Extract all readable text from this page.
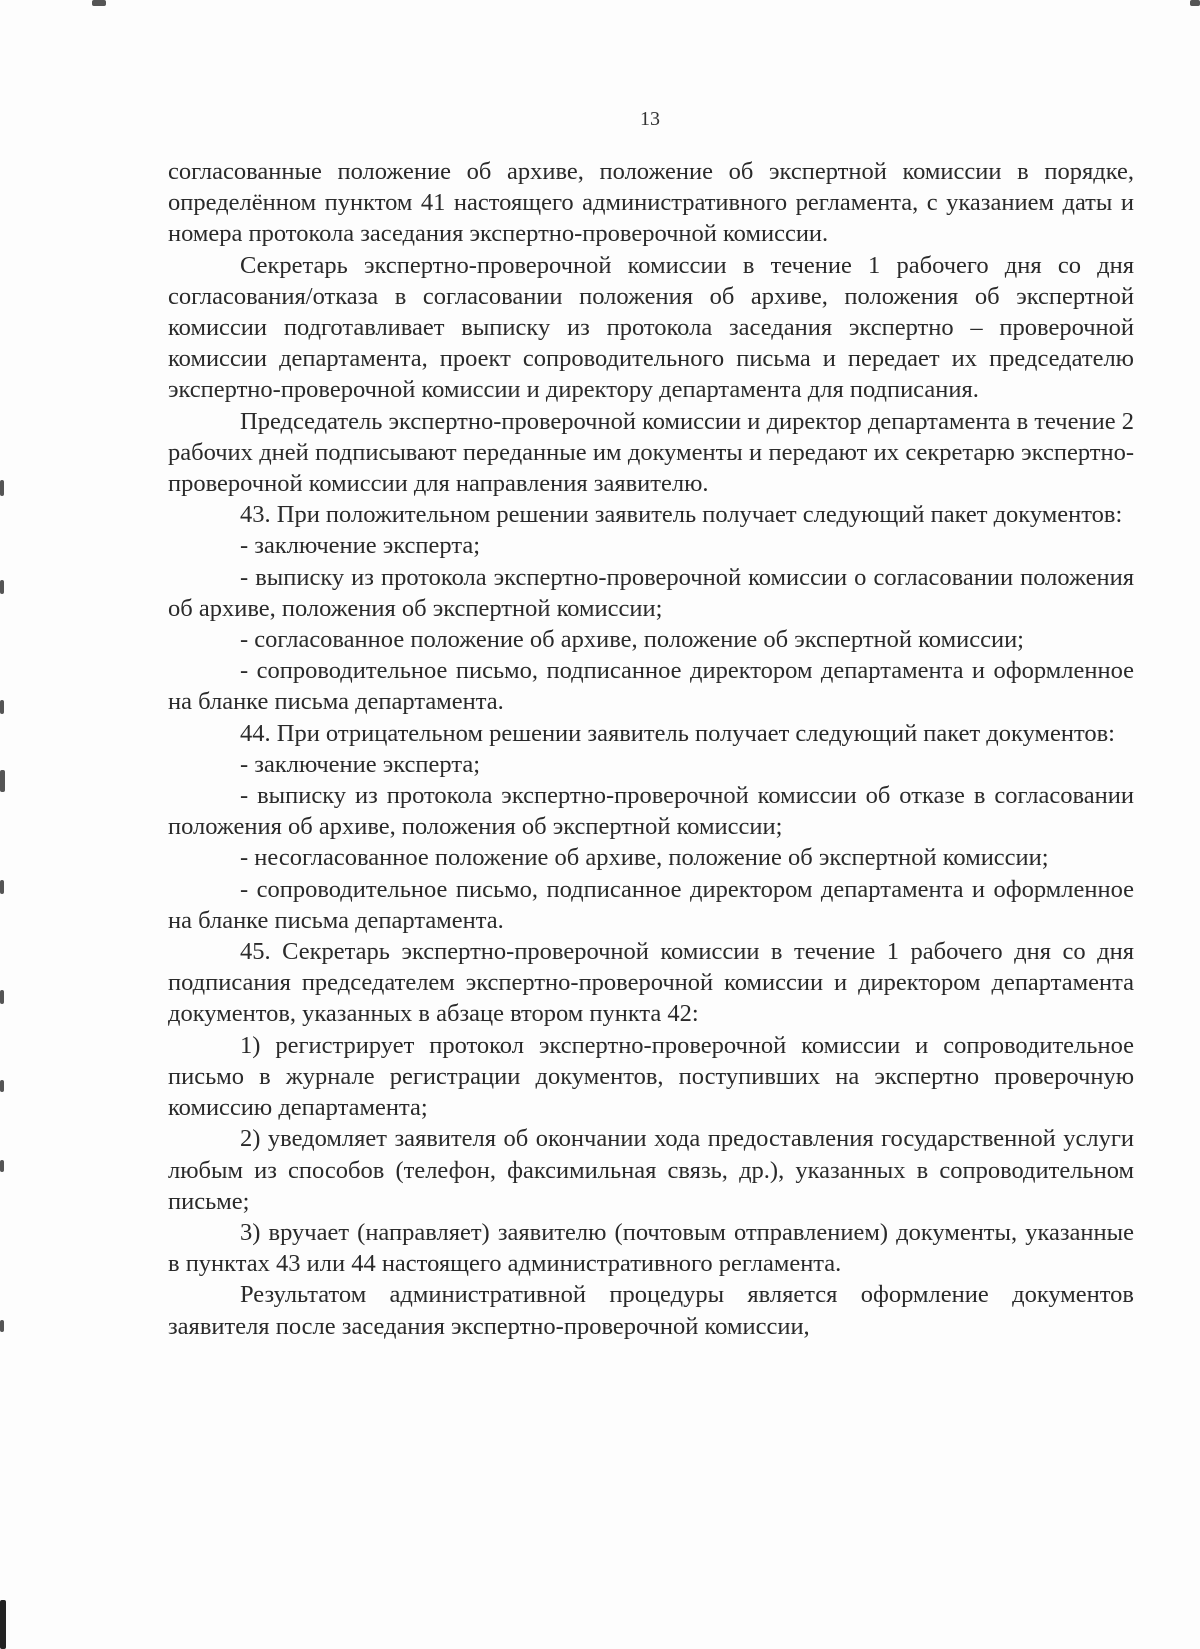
13

согласованные положение об архиве, положение об экспертной комиссии в порядке, определённом пунктом 41 настоящего административного регламента, с указанием даты и номера протокола заседания экспертно-проверочной комиссии.

Секретарь экспертно-проверочной комиссии в течение 1 рабочего дня со дня согласования/отказа в согласовании положения об архиве, положения об экспертной комиссии подготавливает выписку из протокола заседания экспертно – проверочной комиссии департамента, проект сопроводительного письма и передает их председателю экспертно-проверочной комиссии и директору департамента для подписания.

Председатель экспертно-проверочной комиссии и директор департамента в течение 2 рабочих дней подписывают переданные им документы и передают их секретарю экспертно-проверочной комиссии для направления заявителю.

43. При положительном решении заявитель получает следующий пакет документов:

- заключение эксперта;

- выписку из протокола экспертно-проверочной комиссии о согласовании положения об архиве, положения об экспертной комиссии;

- согласованное положение об архиве, положение об экспертной комиссии;

- сопроводительное письмо, подписанное директором департамента и оформленное на бланке письма департамента.

44. При отрицательном решении заявитель получает следующий пакет документов:

- заключение эксперта;

- выписку из протокола экспертно-проверочной комиссии об отказе в согласовании положения об архиве, положения об экспертной комиссии;

- несогласованное положение об архиве, положение об экспертной комиссии;

- сопроводительное письмо, подписанное директором департамента и оформленное на бланке письма департамента.

45. Секретарь экспертно-проверочной комиссии в течение 1 рабочего дня со дня подписания председателем экспертно-проверочной комиссии и директором департамента документов, указанных в абзаце втором пункта 42:

1) регистрирует протокол экспертно-проверочной комиссии и сопроводительное письмо в журнале регистрации документов, поступивших на экспертно проверочную комиссию департамента;

2) уведомляет заявителя об окончании хода предоставления государственной услуги любым из способов (телефон, факсимильная связь, др.), указанных в сопроводительном письме;

3) вручает (направляет) заявителю (почтовым отправлением) документы, указанные в пунктах 43 или 44 настоящего административного регламента.

Результатом административной процедуры является оформление документов заявителя после заседания экспертно-проверочной комиссии,
